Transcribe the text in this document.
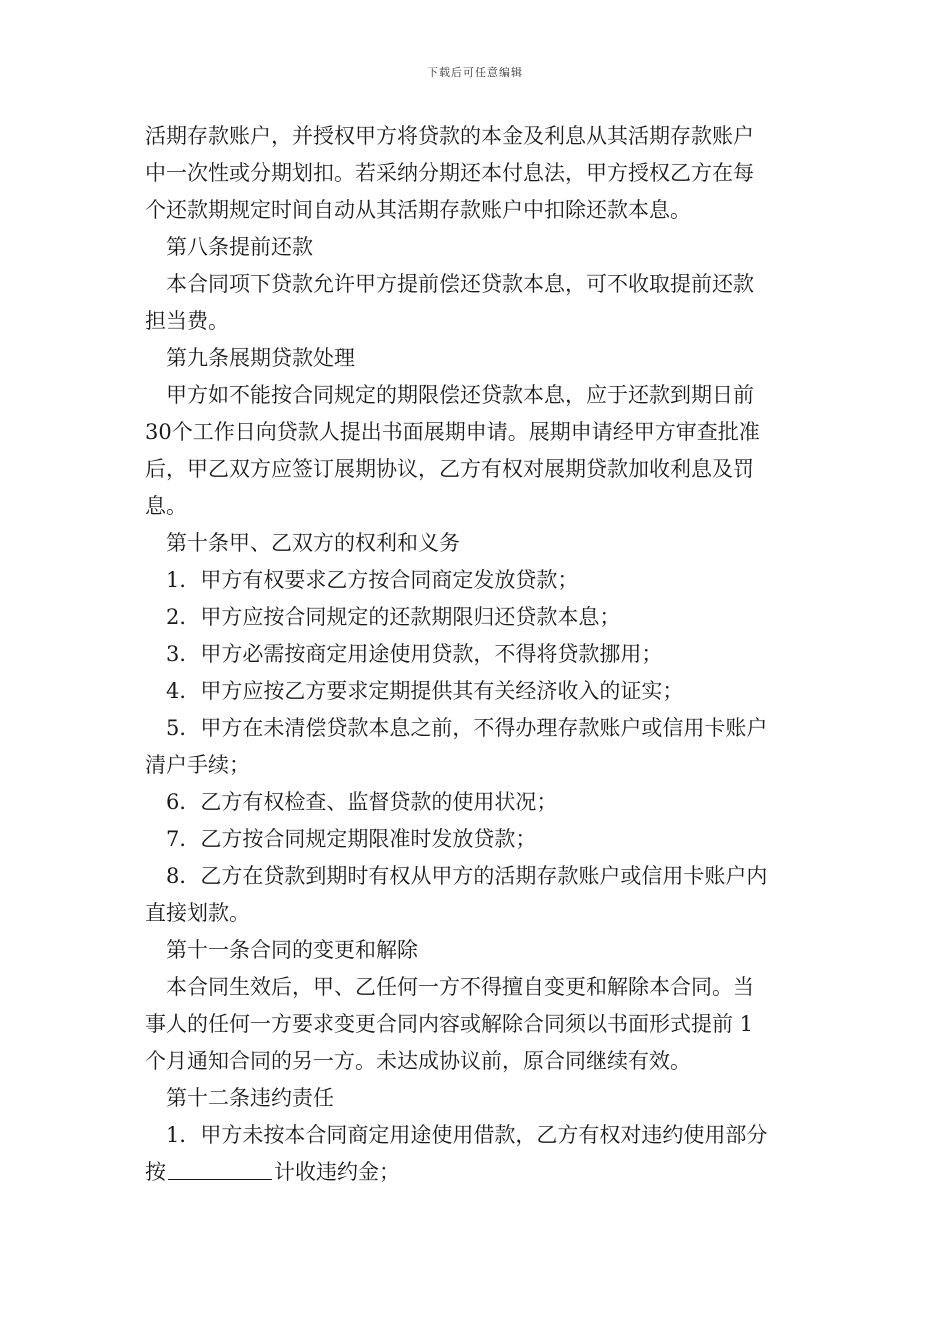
下载后可任意编辑
活期存款账户，并授权甲方将贷款的本金及利息从其活期存款账户
中一次性或分期划扣。若采纳分期还本付息法，甲方授权乙方在每
个还款期规定时间自动从其活期存款账户中扣除还款本息。
第八条提前还款
本合同项下贷款允许甲方提前偿还贷款本息，可不收取提前还款
担当费。
第九条展期贷款处理
甲方如不能按合同规定的期限偿还贷款本息，应于还款到期日前
30个工作日向贷款人提出书面展期申请。展期申请经甲方审查批准
后，甲乙双方应签订展期协议，乙方有权对展期贷款加收利息及罚
息。
第十条甲、乙双方的权利和义务
1．甲方有权要求乙方按合同商定发放贷款；
2．甲方应按合同规定的还款期限归还贷款本息；
3．甲方必需按商定用途使用贷款，不得将贷款挪用；
4．甲方应按乙方要求定期提供其有关经济收入的证实；
5．甲方在未清偿贷款本息之前，不得办理存款账户或信用卡账户
清户手续；
6．乙方有权检查、监督贷款的使用状况；
7．乙方按合同规定期限准时发放贷款；
8．乙方在贷款到期时有权从甲方的活期存款账户或信用卡账户内
直接划款。
第十一条合同的变更和解除
本合同生效后，甲、乙任何一方不得擅自变更和解除本合同。当
事人的任何一方要求变更合同内容或解除合同须以书面形式提前 1
个月通知合同的另一方。未达成协议前，原合同继续有效。
第十二条违约责任
1．甲方未按本合同商定用途使用借款，乙方有权对违约使用部分
按	计收违约金；
